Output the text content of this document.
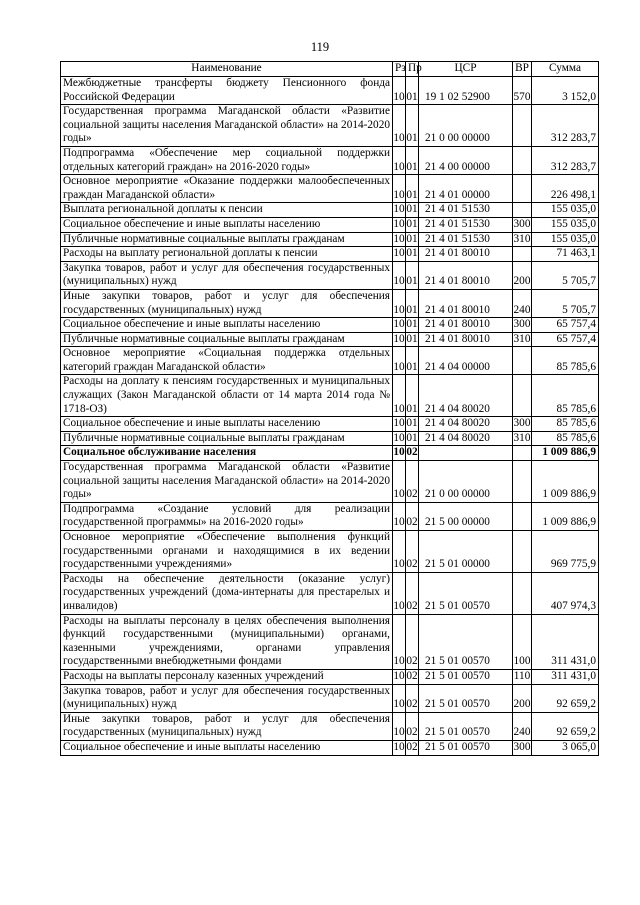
119
Наименование	Рз	Пр	ЦСР	ВР	Сумма
Межбюджетные трансферты бюджету Пенсионного фонда Российской Федерации	10	01	19 1 02 52900	570	3 152,0
Государственная программа Магаданской области «Развитие социальной защиты населения Магаданской области» на 2014-2020 годы»	10	01	21 0 00 00000		312 283,7
Подпрограмма «Обеспечение мер социальной поддержки отдельных категорий граждан» на 2016-2020 годы»	10	01	21 4 00 00000		312 283,7
Основное мероприятие «Оказание поддержки малообеспеченных граждан Магаданской области»	10	01	21 4 01 00000		226 498,1
Выплата региональной доплаты к пенсии	10	01	21 4 01 51530		155 035,0
Социальное обеспечение и иные выплаты населению	10	01	21 4 01 51530	300	155 035,0
Публичные нормативные социальные выплаты гражданам	10	01	21 4 01 51530	310	155 035,0
Расходы на выплату региональной доплаты к пенсии	10	01	21 4 01 80010		71 463,1
Закупка товаров, работ и услуг для обеспечения государственных (муниципальных) нужд	10	01	21 4 01 80010	200	5 705,7
Иные закупки товаров, работ и услуг для обеспечения государственных (муниципальных) нужд	10	01	21 4 01 80010	240	5 705,7
Социальное обеспечение и иные выплаты населению	10	01	21 4 01 80010	300	65 757,4
Публичные нормативные социальные выплаты гражданам	10	01	21 4 01 80010	310	65 757,4
Основное мероприятие «Социальная поддержка отдельных категорий граждан Магаданской области»	10	01	21 4 04 00000		85 785,6
Расходы на доплату к пенсиям государственных и муниципальных служащих (Закон Магаданской области от 14 марта 2014 года № 1718-ОЗ)	10	01	21 4 04 80020		85 785,6
Социальное обеспечение и иные выплаты населению	10	01	21 4 04 80020	300	85 785,6
Публичные нормативные социальные выплаты гражданам	10	01	21 4 04 80020	310	85 785,6
Социальное обслуживание населения	10	02			1 009 886,9
Государственная программа Магаданской области «Развитие социальной защиты населения Магаданской области» на 2014-2020 годы»	10	02	21 0 00 00000		1 009 886,9
Подпрограмма «Создание условий для реализации государственной программы» на 2016-2020 годы»	10	02	21 5 00 00000		1 009 886,9
Основное мероприятие «Обеспечение выполнения функций государственными органами и находящимися в их ведении государственными учреждениями»	10	02	21 5 01 00000		969 775,9
Расходы на обеспечение деятельности (оказание услуг) государственных учреждений (дома-интернаты для престарелых и инвалидов)	10	02	21 5 01 00570		407 974,3
Расходы на выплаты персоналу в целях обеспечения выполнения функций государственными (муниципальными) органами, казенными учреждениями, органами управления государственными внебюджетными фондами	10	02	21 5 01 00570	100	311 431,0
Расходы на выплаты персоналу казенных учреждений	10	02	21 5 01 00570	110	311 431,0
Закупка товаров, работ и услуг для обеспечения государственных (муниципальных) нужд	10	02	21 5 01 00570	200	92 659,2
Иные закупки товаров, работ и услуг для обеспечения государственных (муниципальных) нужд	10	02	21 5 01 00570	240	92 659,2
Социальное обеспечение и иные выплаты населению	10	02	21 5 01 00570	300	3 065,0
